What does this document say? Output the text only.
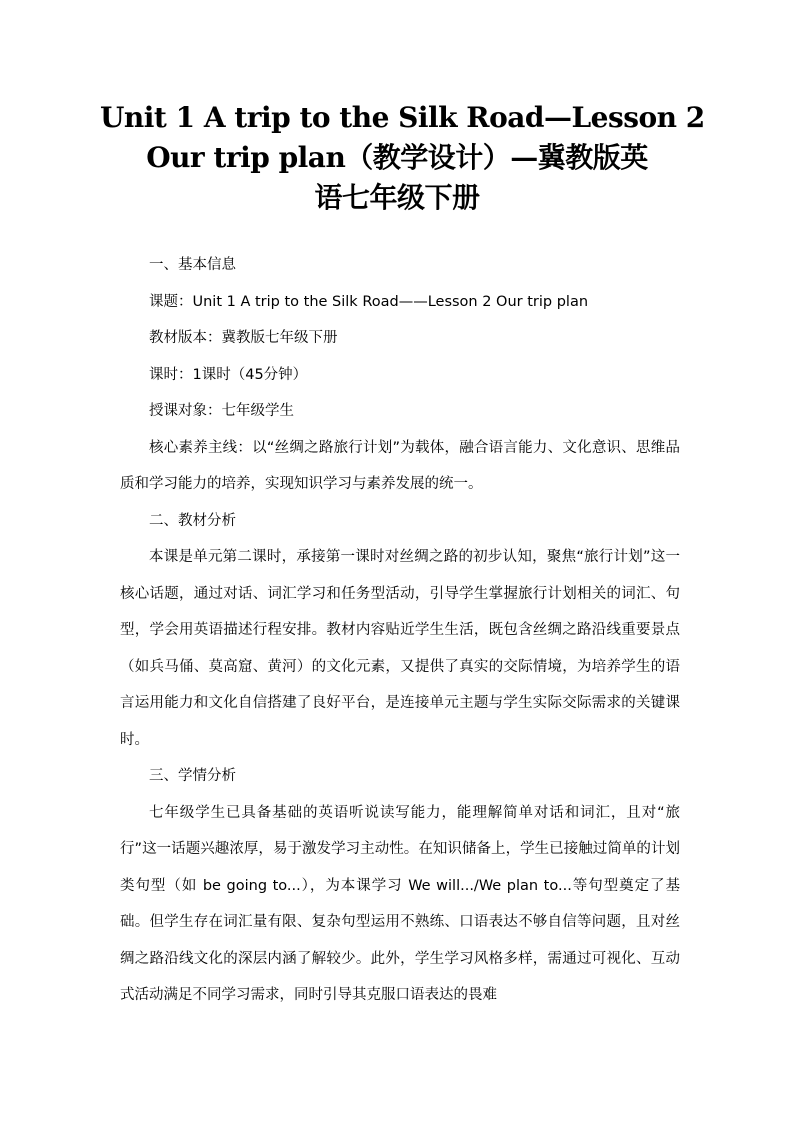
Unit 1 A trip to the Silk Road—Lesson 2
Our trip plan（教学设计）—冀教版英
语七年级下册

一、基本信息

课题：Unit 1 A trip to the Silk Road——Lesson 2 Our trip plan

教材版本：冀教版七年级下册

课时：1课时（45分钟）

授课对象：七年级学生

核心素养主线：以“丝绸之路旅行计划”为载体，融合语言能力、文化意识、思维品质和学习能力的培养，实现知识学习与素养发展的统一。

二、教材分析

本课是单元第二课时，承接第一课时对丝绸之路的初步认知，聚焦“旅行计划”这一核心话题，通过对话、词汇学习和任务型活动，引导学生掌握旅行计划相关的词汇、句型，学会用英语描述行程安排。教材内容贴近学生生活，既包含丝绸之路沿线重要景点（如兵马俑、莫高窟、黄河）的文化元素，又提供了真实的交际情境，为培养学生的语言运用能力和文化自信搭建了良好平台，是连接单元主题与学生实际交际需求的关键课时。

三、学情分析

七年级学生已具备基础的英语听说读写能力，能理解简单对话和词汇，且对“旅行”这一话题兴趣浓厚，易于激发学习主动性。在知识储备上，学生已接触过简单的计划类句型（如 be going to...），为本课学习 We will.../We plan to...等句型奠定了基础。但学生存在词汇量有限、复杂句型运用不熟练、口语表达不够自信等问题，且对丝绸之路沿线文化的深层内涵了解较少。此外，学生学习风格多样，需通过可视化、互动式活动满足不同学习需求，同时引导其克服口语表达的畏难
